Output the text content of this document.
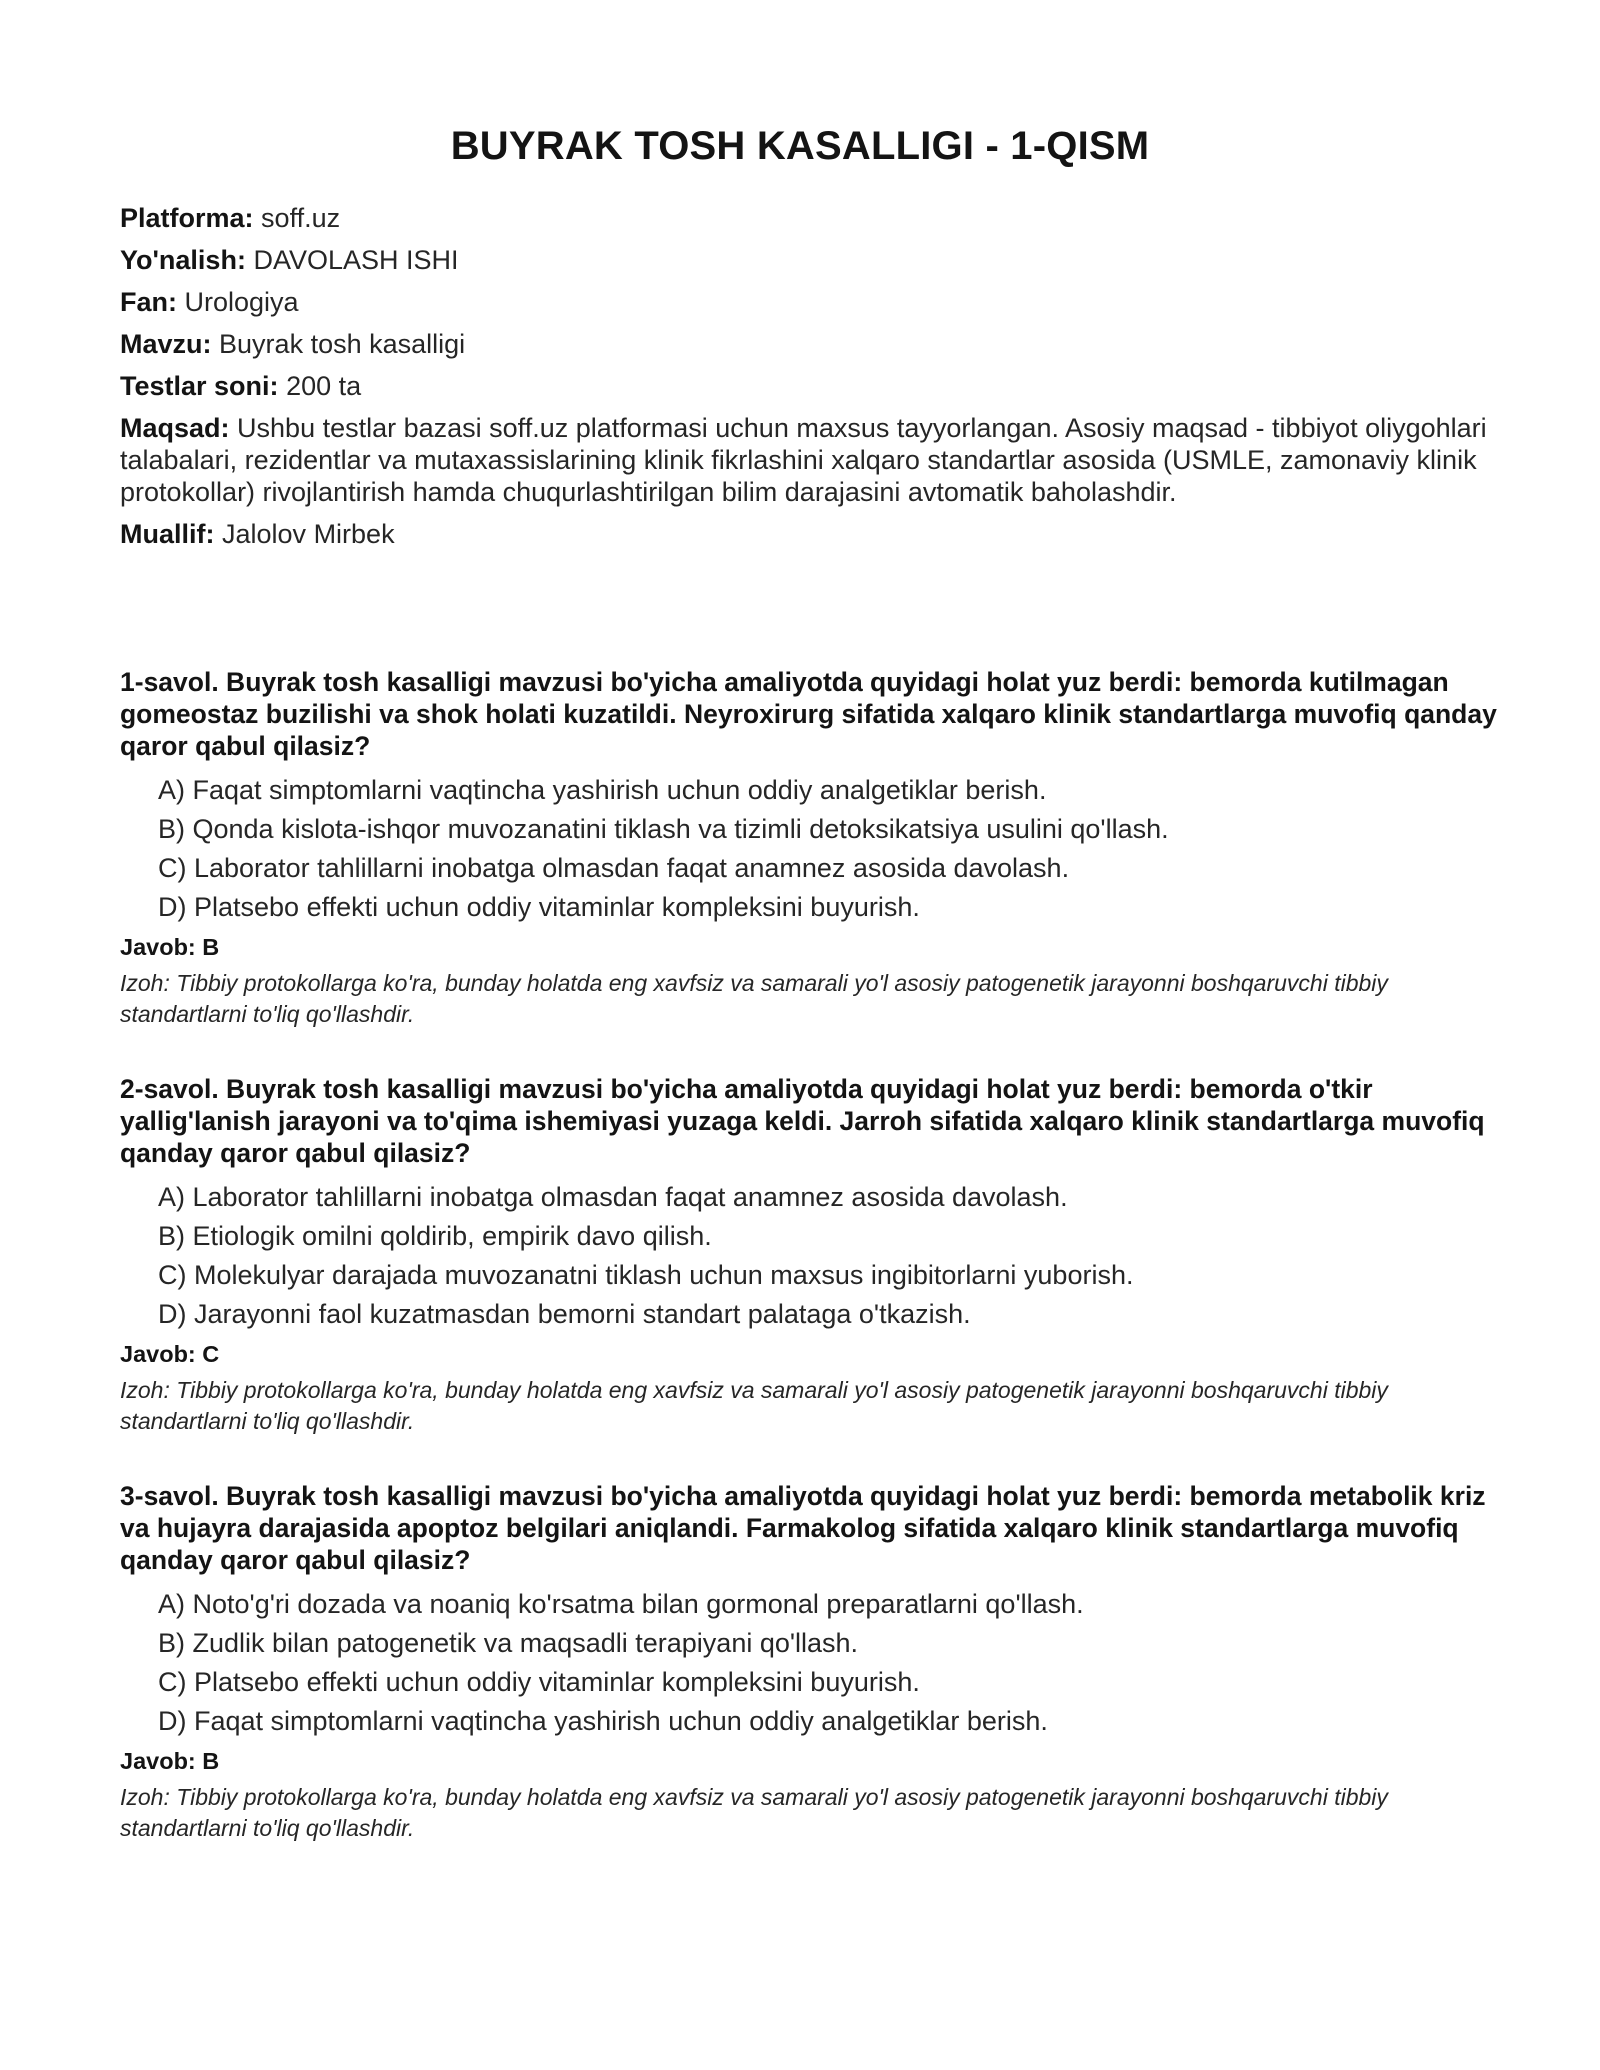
BUYRAK TOSH KASALLIGI - 1-QISM
Platforma: soff.uz
Yo'nalish: DAVOLASH ISHI
Fan: Urologiya
Mavzu: Buyrak tosh kasalligi
Testlar soni: 200 ta
Maqsad: Ushbu testlar bazasi soff.uz platformasi uchun maxsus tayyorlangan. Asosiy maqsad - tibbiyot oliygohlari talabalari, rezidentlar va mutaxassislarining klinik fikrlashini xalqaro standartlar asosida (USMLE, zamonaviy klinik protokollar) rivojlantirish hamda chuqurlashtirilgan bilim darajasini avtomatik baholashdir.
Muallif: Jalolov Mirbek
1-savol. Buyrak tosh kasalligi mavzusi bo'yicha amaliyotda quyidagi holat yuz berdi: bemorda kutilmagan gomeostaz buzilishi va shok holati kuzatildi. Neyroxirurg sifatida xalqaro klinik standartlarga muvofiq qanday qaror qabul qilasiz?
A) Faqat simptomlarni vaqtincha yashirish uchun oddiy analgetiklar berish.
B) Qonda kislota-ishqor muvozanatini tiklash va tizimli detoksikatsiya usulini qo'llash.
C) Laborator tahlillarni inobatga olmasdan faqat anamnez asosida davolash.
D) Platsebo effekti uchun oddiy vitaminlar kompleksini buyurish.
Javob: B
Izoh: Tibbiy protokollarga ko'ra, bunday holatda eng xavfsiz va samarali yo'l asosiy patogenetik jarayonni boshqaruvchi tibbiy standartlarni to'liq qo'llashdir.
2-savol. Buyrak tosh kasalligi mavzusi bo'yicha amaliyotda quyidagi holat yuz berdi: bemorda o'tkir yallig'lanish jarayoni va to'qima ishemiyasi yuzaga keldi. Jarroh sifatida xalqaro klinik standartlarga muvofiq qanday qaror qabul qilasiz?
A) Laborator tahlillarni inobatga olmasdan faqat anamnez asosida davolash.
B) Etiologik omilni qoldirib, empirik davo qilish.
C) Molekulyar darajada muvozanatni tiklash uchun maxsus ingibitorlarni yuborish.
D) Jarayonni faol kuzatmasdan bemorni standart palataga o'tkazish.
Javob: C
Izoh: Tibbiy protokollarga ko'ra, bunday holatda eng xavfsiz va samarali yo'l asosiy patogenetik jarayonni boshqaruvchi tibbiy standartlarni to'liq qo'llashdir.
3-savol. Buyrak tosh kasalligi mavzusi bo'yicha amaliyotda quyidagi holat yuz berdi: bemorda metabolik kriz va hujayra darajasida apoptoz belgilari aniqlandi. Farmakolog sifatida xalqaro klinik standartlarga muvofiq qanday qaror qabul qilasiz?
A) Noto'g'ri dozada va noaniq ko'rsatma bilan gormonal preparatlarni qo'llash.
B) Zudlik bilan patogenetik va maqsadli terapiyani qo'llash.
C) Platsebo effekti uchun oddiy vitaminlar kompleksini buyurish.
D) Faqat simptomlarni vaqtincha yashirish uchun oddiy analgetiklar berish.
Javob: B
Izoh: Tibbiy protokollarga ko'ra, bunday holatda eng xavfsiz va samarali yo'l asosiy patogenetik jarayonni boshqaruvchi tibbiy standartlarni to'liq qo'llashdir.
